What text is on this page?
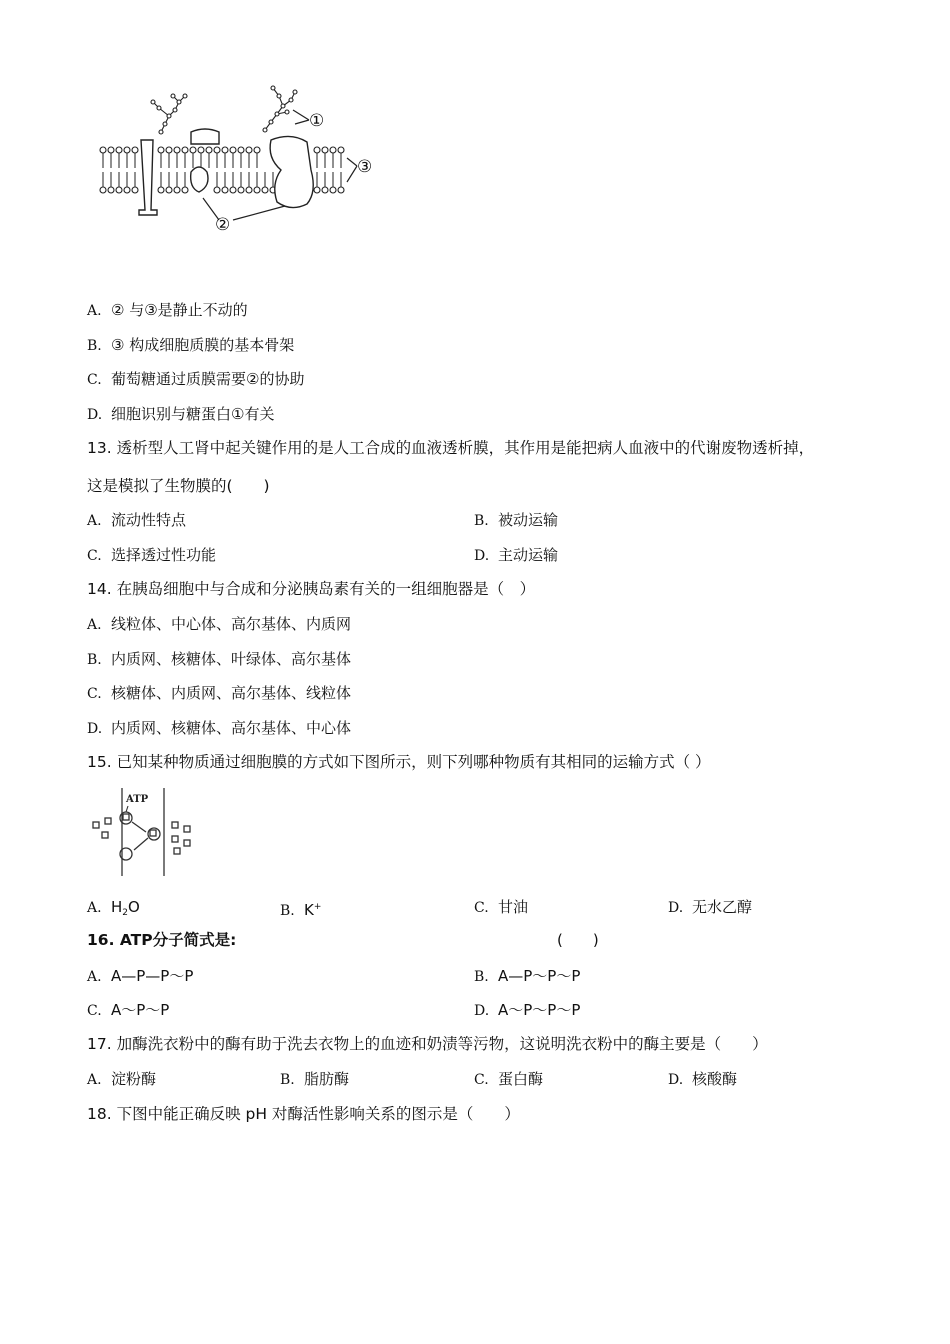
①
③
②
A. ② 与③是静止不动的
B. ③ 构成细胞质膜的基本骨架
C. 葡萄糖通过质膜需要②的协助
D. 细胞识别与糖蛋白①有关
13. 透析型人工肾中起关键作用的是人工合成的血液透析膜，其作用是能把病人血液中的代谢废物透析掉，
这是模拟了生物膜的(　　)
A. 流动性特点	B. 被动运输
C. 选择透过性功能	D. 主动运输
14. 在胰岛细胞中与合成和分泌胰岛素有关的一组细胞器是（　）
A. 线粒体、中心体、高尔基体、内质网
B. 内质网、核糖体、叶绿体、高尔基体
C. 核糖体、内质网、高尔基体、线粒体
D. 内质网、核糖体、高尔基体、中心体
15. 已知某种物质通过细胞膜的方式如下图所示，则下列哪种物质有其相同的运输方式（ ）
ATP
A. $H_2O$	B. K+	C. 甘油	D. 无水乙醇
16. ATP分子简式是:	(　　)
A. A—P—P～P	B. A—P～P～P
C. A～P～P	D. A～P～P～P
17. 加酶洗衣粉中的酶有助于洗去衣物上的血迹和奶渍等污物，这说明洗衣粉中的酶主要是（　　）
A. 淀粉酶	B. 脂肪酶	C. 蛋白酶	D. 核酸酶
18. 下图中能正确反映 pH 对酶活性影响关系的图示是（　　）
